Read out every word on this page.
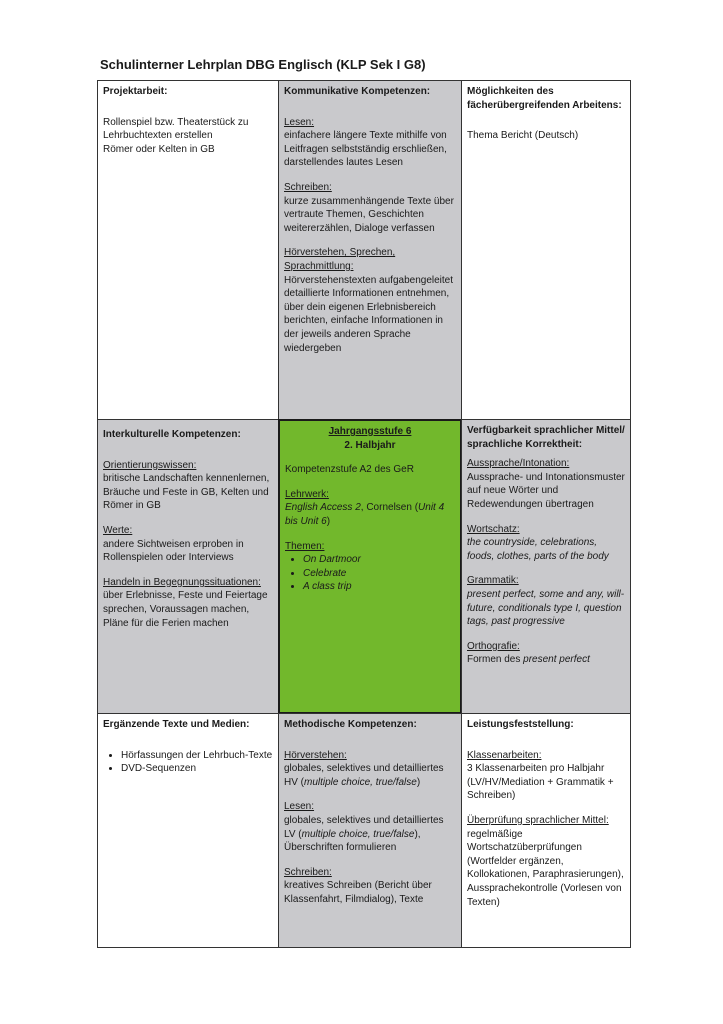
Schulinterner Lehrplan DBG Englisch (KLP Sek I G8)
Projektarbeit:
Rollenspiel bzw. Theaterstück zu
Lehrbuchtexten erstellen
Römer oder Kelten in GB
Kommunikative Kompetenzen:
Lesen:
einfachere längere Texte mithilfe von Leitfragen selbstständig erschließen, darstellendes lautes Lesen
Schreiben:
kurze zusammenhängende Texte über vertraute Themen, Geschichten weitererzählen, Dialoge verfassen
Hörverstehen, Sprechen, Sprachmittlung:
Hörverstehenstexten aufgabengeleitet detaillierte Informationen entnehmen, über dein eigenen Erlebnisbereich berichten, einfache Informationen in der jeweils anderen Sprache wiedergeben
Möglichkeiten des fächerübergreifenden Arbeitens:
Thema Bericht (Deutsch)
Interkulturelle Kompetenzen:
Orientierungswissen:
britische Landschaften kennenlernen, Bräuche und Feste in GB, Kelten und Römer in GB
Werte:
andere Sichtweisen erproben in Rollenspielen oder Interviews
Handeln in Begegnungssituationen:
über Erlebnisse, Feste und Feiertage sprechen, Voraussagen machen, Pläne für die Ferien machen
Jahrgangsstufe 6
2. Halbjahr
Kompetenzstufe A2 des GeR
Lehrwerk:
English Access 2, Cornelsen (Unit 4 bis Unit 6)
Themen:
• On Dartmoor
• Celebrate
• A class trip
Verfügbarkeit sprachlicher Mittel/ sprachliche Korrektheit:
Aussprache/Intonation:
Aussprache- und Intonationsmuster auf neue Wörter und Redewendungen übertragen
Wortschatz:
the countryside, celebrations, foods, clothes, parts of the body
Grammatik:
present perfect, some and any, will-future, conditionals type I, question tags, past progressive
Orthografie:
Formen des present perfect
Ergänzende Texte und Medien:
• Hörfassungen der Lehrbuch-Texte
• DVD-Sequenzen
Methodische Kompetenzen:
Hörverstehen:
globales, selektives und detailliertes HV (multiple choice, true/false)
Lesen:
globales, selektives und detailliertes LV (multiple choice, true/false), Überschriften formulieren
Schreiben:
kreatives Schreiben (Bericht über Klassenfahrt, Filmdialog), Texte
Leistungsfeststellung:
Klassenarbeiten:
3 Klassenarbeiten pro Halbjahr (LV/HV/Mediation + Grammatik + Schreiben)
Überprüfung sprachlicher Mittel:
regelmäßige Wortschatzüberprüfungen (Wortfelder ergänzen, Kollokationen, Paraphrasierungen), Aussprachekontrolle (Vorlesen von Texten)
